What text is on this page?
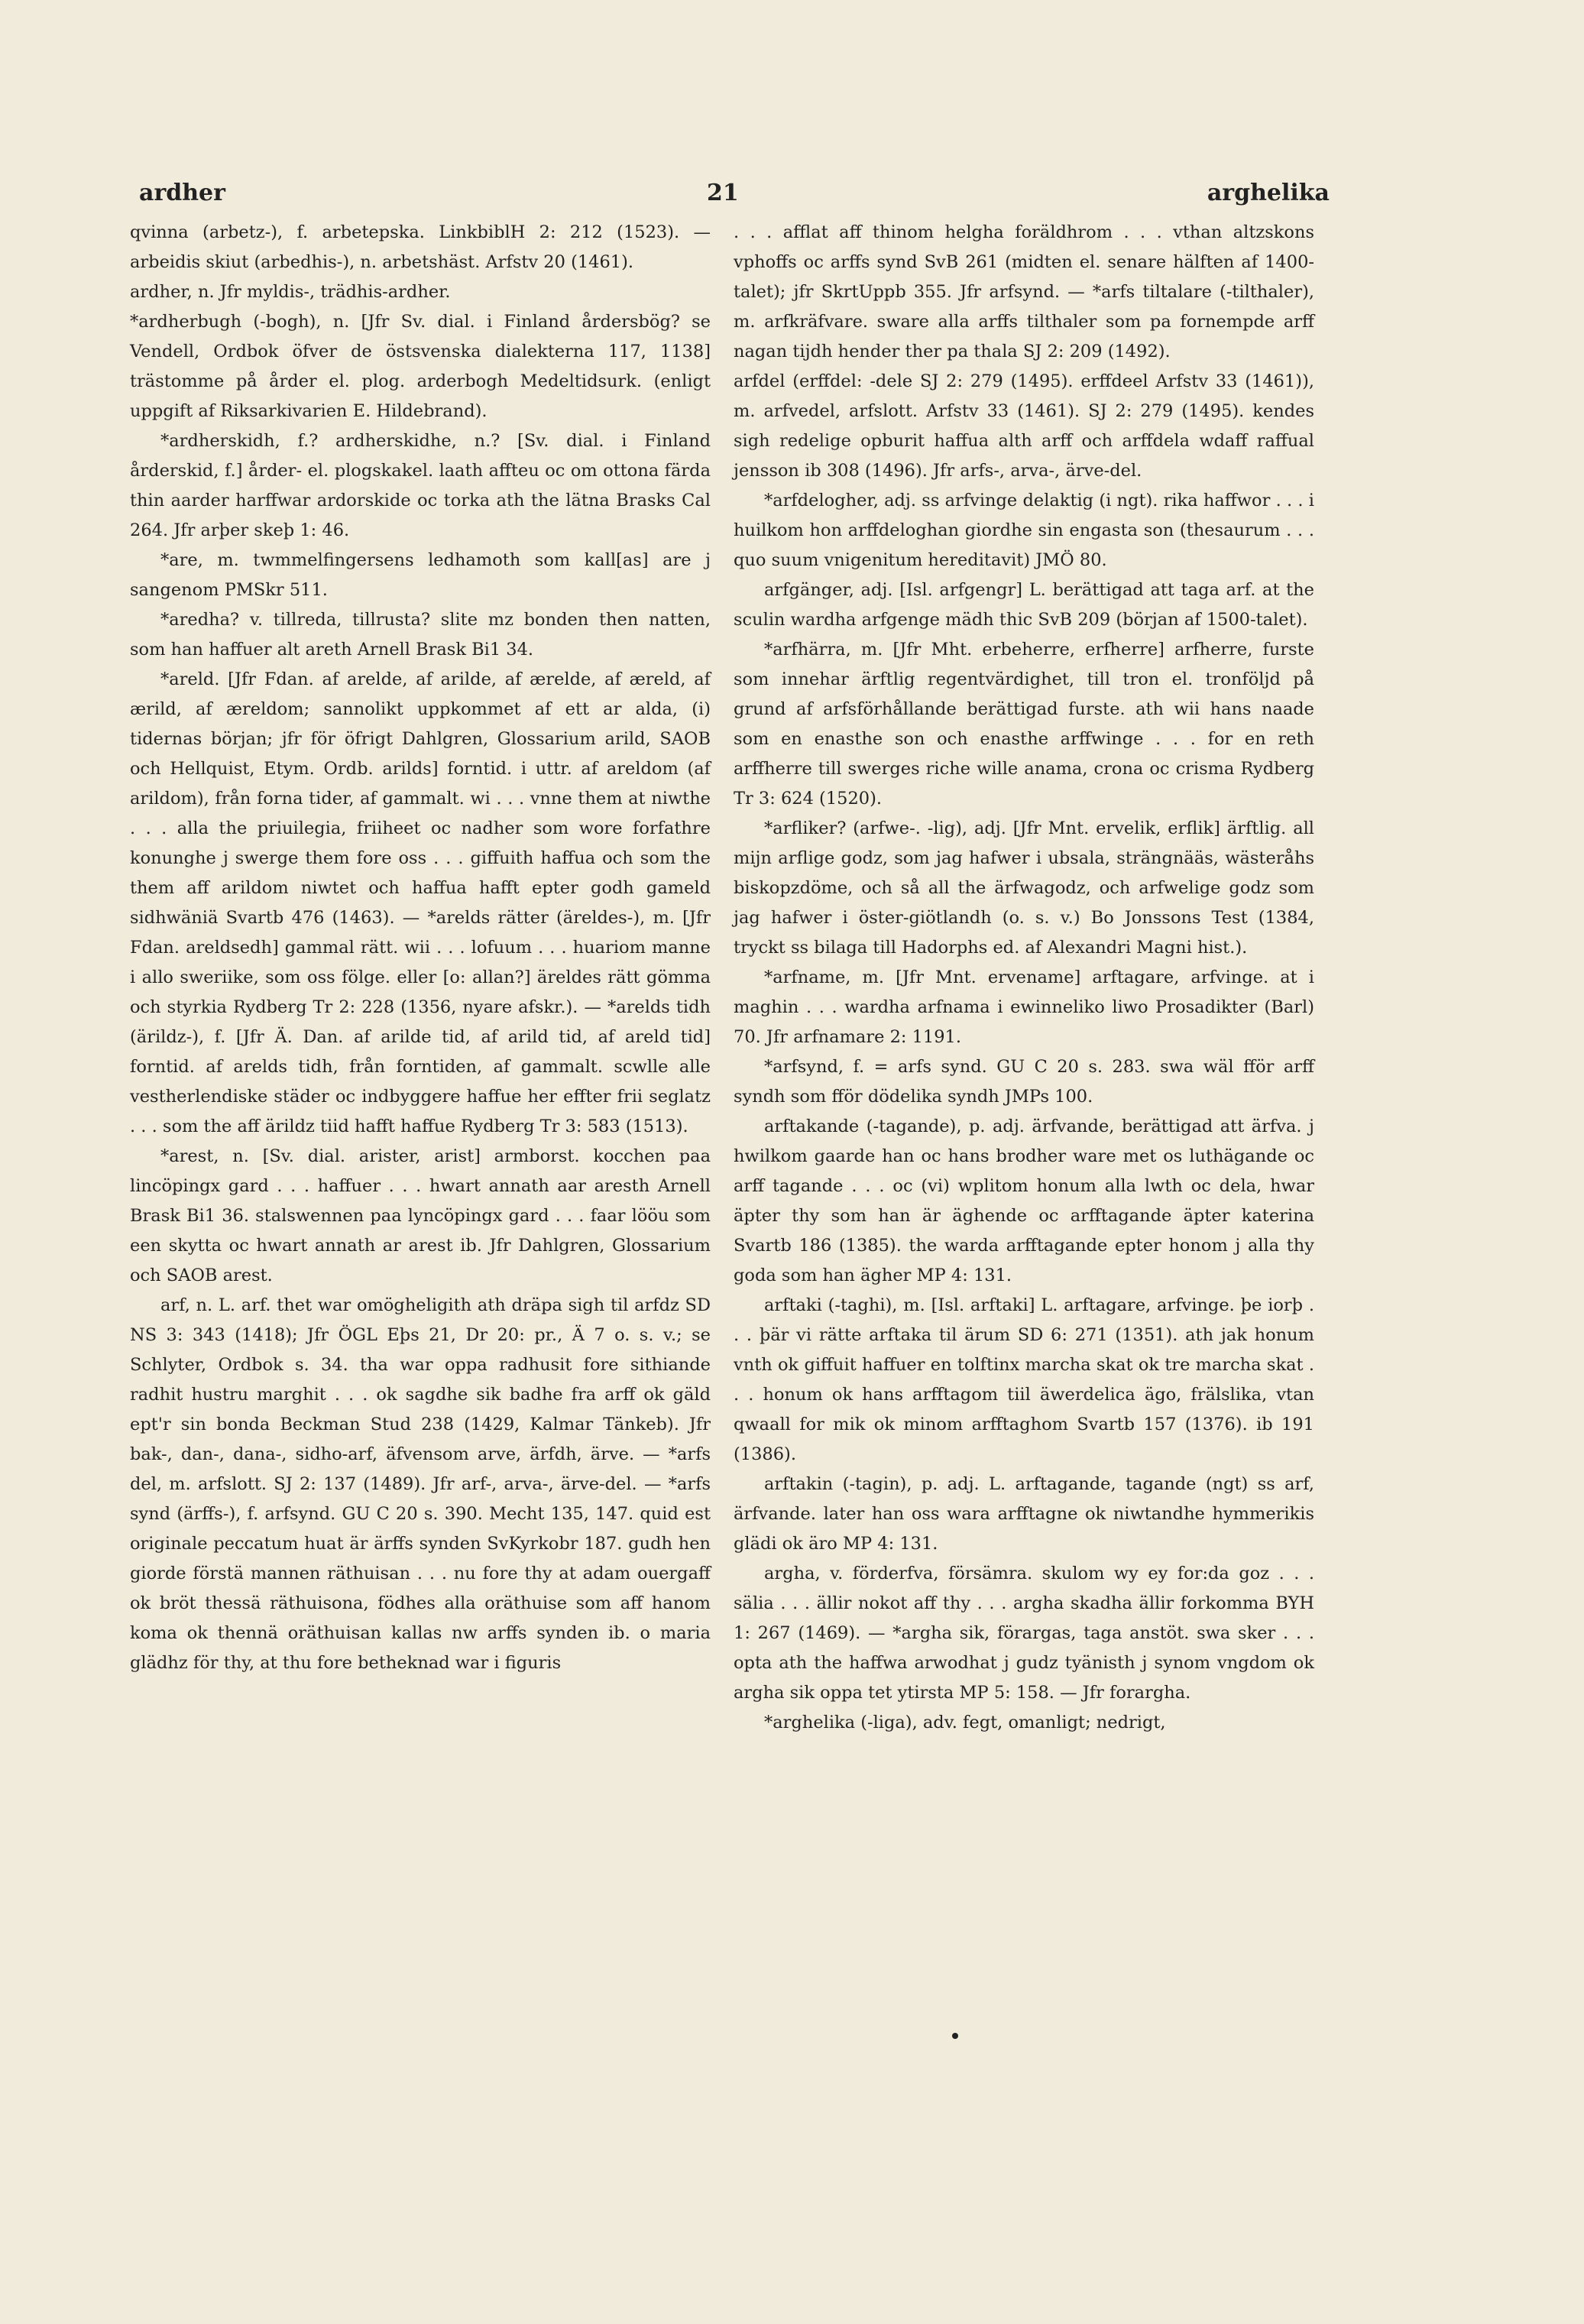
ardher	21	arghelika

qvinna (arbetz-), f. arbetерska. LinkbiblH 2: 212 (1523). — arbeidis skiut (arbedhis-), n. arbetshäst. Arfstv 20 (1461).

ardher, n. Jfr myldis-, trädhis-ardher.

*ardherbugh (-bogh), n. [Jfr Sv. dial. i Finland årdersbög? se Vendell, Ordbok öfver de östsvenska dialekterna 117, 1138] trästomme på årder el. plog. arderbogh Medeltidsurk. (enligt uppgift af Riksarkivarien E. Hildebrand).

*ardherskidh, f.? ardherskidhe, n.? [Sv. dial. i Finland årderskid, f.] årder- el. plogskakel. laath affteu oc om ottona färda thin aarder harffwar ardorskide oc torka ath the lätna Brasks Cal 264. Jfr arþer skeþ 1: 46.

*are, m. twmmelfingersens ledhamoth som kall[as] are j sangenom PMSkr 511.

*aredha? v. tillreda, tillrusta? slite mz bonden then natten, som han haffuer alt areth Arnell Brask Bi1 34.

*areld. [Jfr Fdan. af arelde, af arilde, af ærelde, af æreld, af ærild, af æreldom; sannolikt uppkommet af ett ar alda, (i) tidernas början; jfr för öfrigt Dahlgren, Glossarium arild, SAOB och Hellquist, Etym. Ordb. arilds] forntid. i uttr. af areldom (af arildom), från forna tider, af gammalt. wi . . . vnne them at niwthe . . . alla the priuilegia, friiheet oc nadher som wore forfathre konunghe j swerge them fore oss . . . giffuith haffua och som the them aff arildom niwtet och haffua hafft epter godh gameld sidhwäniä Svartb 476 (1463). — *arelds rätter (äreldes-), m. [Jfr Fdan. areldsedh] gammal rätt. wii . . . lofuum . . . huariom manne i allo sweriike, som oss fölge. eller [o: allan?] äreldes rätt gömma och styrkia Rydberg Tr 2: 228 (1356, nyare afskr.). — *arelds tidh (ärildz-), f. [Jfr Ä. Dan. af arilde tid, af arild tid, af areld tid] forntid. af arelds tidh, från forntiden, af gammalt. scwlle alle vestherlendiske städer oc indbyggere haffue her effter frii seglatz . . . som the aff ärildz tiid hafft haffue Rydberg Tr 3: 583 (1513).

*arest, n. [Sv. dial. arister, arist] armborst. kocchen paa lincöpingx gard . . . haffuer . . . hwart annath aar aresth Arnell Brask Bi1 36. stalswennen paa lyncöpingx gard . . . faar lööu som een skytta oc hwart annath ar arest ib. Jfr Dahlgren, Glossarium och SAOB arest.

arf, n. L. arf. thet war omögheligith ath dräpa sigh til arfdz SD NS 3: 343 (1418); Jfr ÖGL Eþs 21, Dr 20: pr., Ä 7 o. s. v.; se Schlyter, Ordbok s. 34. tha war oppa radhusit fore sithiande radhit hustru marghit . . . ok sagdhe sik badhe fra arff ok gäld ept'r sin bonda Beckman Stud 238 (1429, Kalmar Tänkeb). Jfr bak-, dan-, dana-, sidho-arf, äfvensom arve, ärfdh, ärve. — *arfs del, m. arfslott. SJ 2: 137 (1489). Jfr arf-, arva-, ärve-del. — *arfs synd (ärffs-), f. arfsynd. GU C 20 s. 390. Mecht 135, 147. quid est originale peccatum huat är ärffs synden SvKyrkobr 187. gudh hen giorde förstä mannen räthuisan . . . nu fore thy at adam ouergaff ok bröt thessä räthuisona, födhes alla oräthuise som aff hanom koma ok thennä oräthuisan kallas nw arffs synden ib. o maria glädhz för thy, at thu fore betheknad war i figuris

. . . afflat aff thinom helgha foräldhrom . . . vthan altzskons vphoffs oc arffs synd SvB 261 (midten el. senare hälften af 1400-talet); jfr SkrtUppb 355. Jfr arfsynd. — *arfs tiltalare (-tilthaler), m. arfkräfvare. sware alla arffs tilthaler som pa fornempde arff nagan tijdh hender ther pa thala SJ 2: 209 (1492).

arfdel (erffdel: -dele SJ 2: 279 (1495). erffdeel Arfstv 33 (1461)), m. arfvedel, arfslott. Arfstv 33 (1461). SJ 2: 279 (1495). kendes sigh redelige opburit haffua alth arff och arffdela wdaff raffual jensson ib 308 (1496). Jfr arfs-, arva-, ärve-del.

*arfdelogher, adj. ss arfvinge delaktig (i ngt). rika haffwor . . . i huilkom hon arffdeloghan giordhe sin engasta son (thesaurum . . . quo suum vnigenitum hereditavit) JMÖ 80.

arfgänger, adj. [Isl. arfgengr] L. berättigad att taga arf. at the sculin wardha arfgenge mädh thic SvB 209 (början af 1500-talet).

*arfhärra, m. [Jfr Mht. erbeherre, erfherre] arfherre, furste som innehar ärftlig regentvärdighet, till tron el. tronföljd på grund af arfsförhållande berättigad furste. ath wii hans naade som en enasthe son och enasthe arffwinge . . . for en reth arffherre till swerges riche wille anama, crona oc crisma Rydberg Tr 3: 624 (1520).

*arfliker? (arfwe-. -lig), adj. [Jfr Mnt. ervelik, erflik] ärftlig. all mijn arflige godz, som jag hafwer i ubsala, strängnääs, wästeråhs biskopzdöme, och så all the ärfwagodz, och arfwelige godz som jag hafwer i öster-giötlandh (o. s. v.) Bo Jonssons Test (1384, tryckt ss bilaga till Hadorphs ed. af Alexandri Magni hist.).

*arfname, m. [Jfr Mnt. ervename] arftagare, arfvinge. at i maghin . . . wardha arfnama i ewinneliko liwo Prosadikter (Barl) 70. Jfr arfnamare 2: 1191.

*arfsynd, f. = arfs synd. GU C 20 s. 283. swa wäl fför arff syndh som fför dödelika syndh JMPs 100.

arftakande (-tagande), p. adj. ärfvande, berättigad att ärfva. j hwilkom gaarde han oc hans brodher ware met os luthägande oc arff tagande . . . oc (vi) wplitom honum alla lwth oc dela, hwar äpter thy som han är äghende oc arfftagande äpter katerina Svartb 186 (1385). the warda arfftagande epter honom j alla thy goda som han ägher MP 4: 131.

arftaki (-taghi), m. [Isl. arftaki] L. arftagare, arfvinge. þe iorþ . . . þär vi rätte arftaka til ärum SD 6: 271 (1351). ath jak honum vnth ok giffuit haffuer en tolftinx marcha skat ok tre marcha skat . . . honum ok hans arfftagom tiil äwerdelica ägo, frälslika, vtan qwaall for mik ok minom arfftaghom Svartb 157 (1376). ib 191 (1386).

arftakin (-tagin), p. adj. L. arftagande, tagande (ngt) ss arf, ärfvande. later han oss wara arfftagne ok niwtandhe hymmerikis glädi ok äro MP 4: 131.

argha, v. förderfva, försämra. skulom wy ey for:da goz . . . sälia . . . ällir nokot aff thy . . . argha skadha ällir forkomma BYH 1: 267 (1469). — *argha sik, förargas, taga anstöt. swa sker . . . opta ath the haffwa arwodhat j gudz tyänisth j synom vngdom ok argha sik oppa tet ytirsta MP 5: 158. — Jfr forargha.

*arghelika (-liga), adv. fegt, omanligt; nedrigt,
